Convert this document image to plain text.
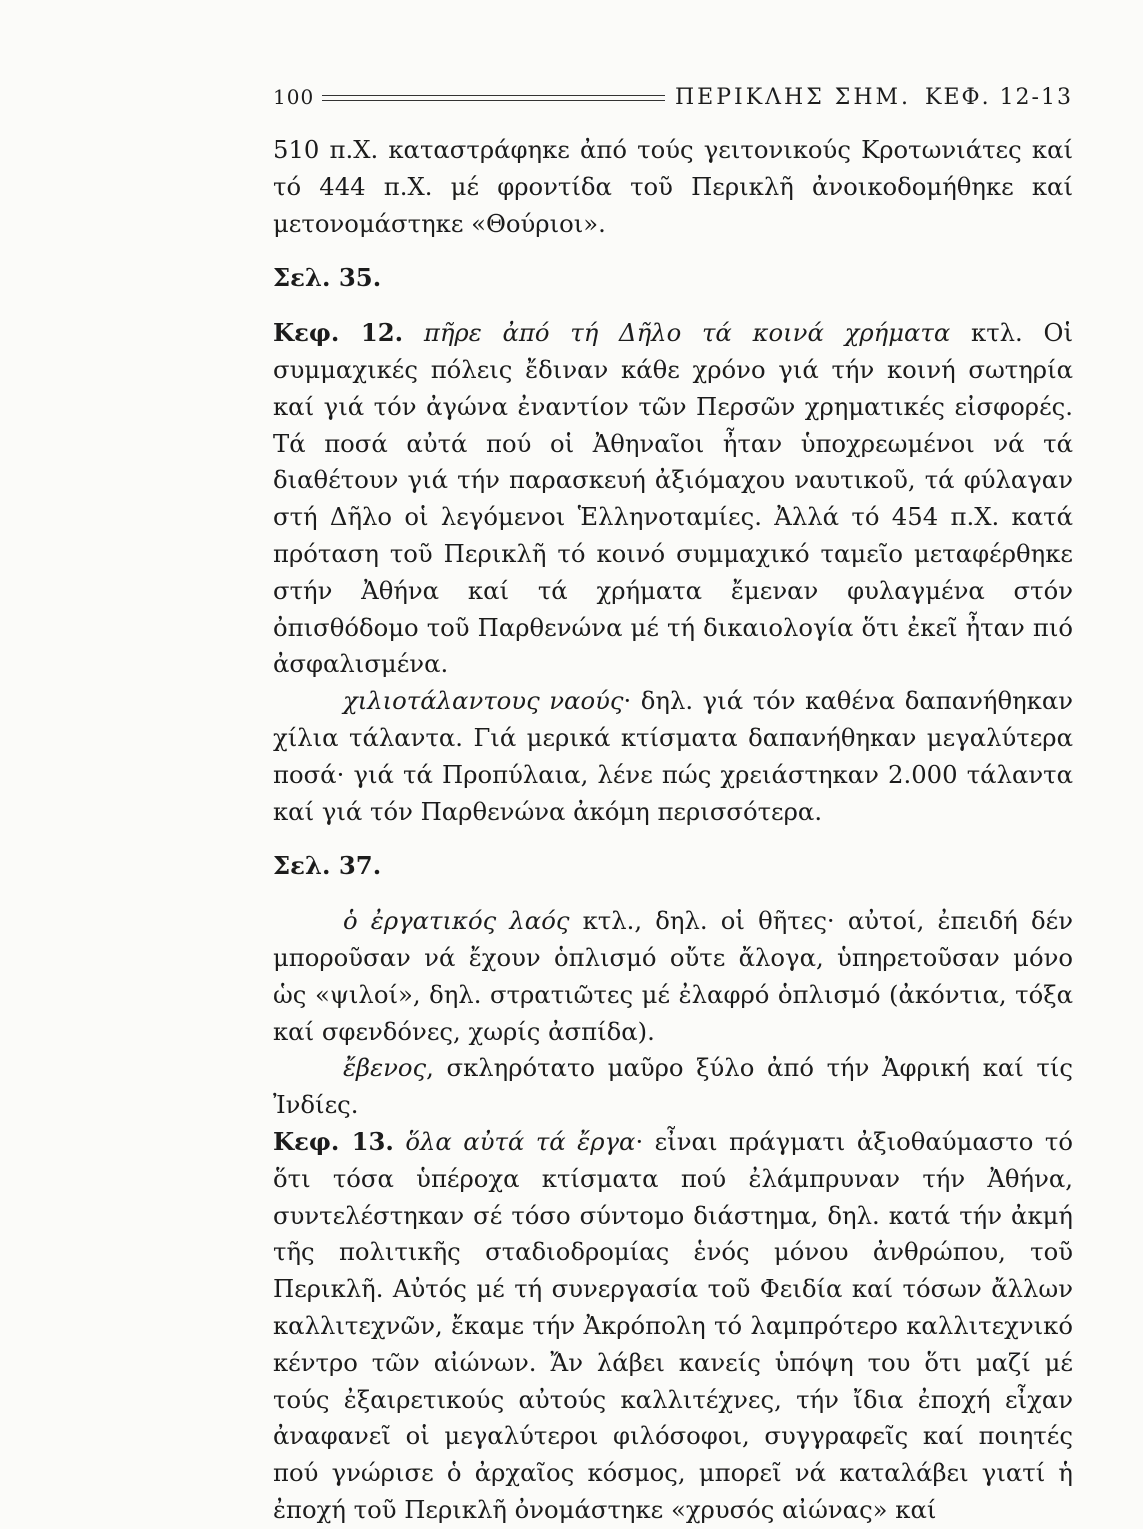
100	ΠΕΡΙΚΛΗΣ ΣΗΜ. ΚΕΦ. 12-13

510 π.Χ. καταστράφηκε ἀπό τούς γειτονικούς Κροτωνιάτες καί τό 444 π.Χ. μέ φροντίδα τοῦ Περικλῆ ἀνοικοδομήθηκε καί μετονομάστηκε «Θούριοι».

Σελ. 35.

Κεφ. 12. πῆρε ἀπό τή Δῆλο τά κοινά χρήματα κτλ. Οἱ συμμαχικές πόλεις ἔδιναν κάθε χρόνο γιά τήν κοινή σωτηρία καί γιά τόν ἀγώνα ἐναντίον τῶν Περσῶν χρηματικές εἰσφορές. Τά ποσά αὐτά πού οἱ Ἀθηναῖοι ἦταν ὑποχρεωμένοι νά τά διαθέτουν γιά τήν παρασκευή ἀξιόμαχου ναυτικοῦ, τά φύλαγαν στή Δῆλο οἱ λεγόμενοι Ἑλληνοταμίες. Ἀλλά τό 454 π.Χ. κατά πρόταση τοῦ Περικλῆ τό κοινό συμμαχικό ταμεῖο μεταφέρθηκε στήν Ἀθήνα καί τά χρήματα ἔμεναν φυλαγμένα στόν ὀπισθόδομο τοῦ Παρθενώνα μέ τή δικαιολογία ὅτι ἐκεῖ ἦταν πιό ἀσφαλισμένα.

χιλιοτάλαντους ναούς· δηλ. γιά τόν καθένα δαπανήθηκαν χίλια τάλαντα. Γιά μερικά κτίσματα δαπανήθηκαν μεγαλύτερα ποσά· γιά τά Προπύλαια, λένε πώς χρειάστηκαν 2.000 τάλαντα καί γιά τόν Παρθενώνα ἀκόμη περισσότερα.

Σελ. 37.

ὁ ἐργατικός λαός κτλ., δηλ. οἱ θῆτες· αὐτοί, ἐπειδή δέν μποροῦσαν νά ἔχουν ὁπλισμό οὔτε ἄλογα, ὑπηρετοῦσαν μόνο ὡς «ψιλοί», δηλ. στρατιῶτες μέ ἐλαφρό ὁπλισμό (ἀκόντια, τόξα καί σφενδόνες, χωρίς ἀσπίδα).

ἔβενος, σκληρότατο μαῦρο ξύλο ἀπό τήν Ἀφρική καί τίς Ἰνδίες.

Κεφ. 13. ὅλα αὐτά τά ἔργα· εἶναι πράγματι ἀξιοθαύμαστο τό ὅτι τόσα ὑπέροχα κτίσματα πού ἐλάμπρυναν τήν Ἀθήνα, συντελέστηκαν σέ τόσο σύντομο διάστημα, δηλ. κατά τήν ἀκμή τῆς πολιτικῆς σταδιοδρομίας ἑνός μόνου ἀνθρώπου, τοῦ Περικλῆ. Αὐτός μέ τή συνεργασία τοῦ Φειδία καί τόσων ἄλλων καλλιτεχνῶν, ἔκαμε τήν Ἀκρόπολη τό λαμπρότερο καλλιτεχνικό κέντρο τῶν αἰώνων. Ἄν λάβει κανείς ὑπόψη του ὅτι μαζί μέ τούς ἐξαιρετικούς αὐτούς καλλιτέχνες, τήν ἴδια ἐποχή εἶχαν ἀναφανεῖ οἱ μεγαλύτεροι φιλόσοφοι, συγγραφεῖς καί ποιητές πού γνώρισε ὁ ἀρχαῖος κόσμος, μπορεῖ νά καταλάβει γιατί ἡ ἐποχή τοῦ Περικλῆ ὀνομάστηκε «χρυσός αἰώνας» καί
